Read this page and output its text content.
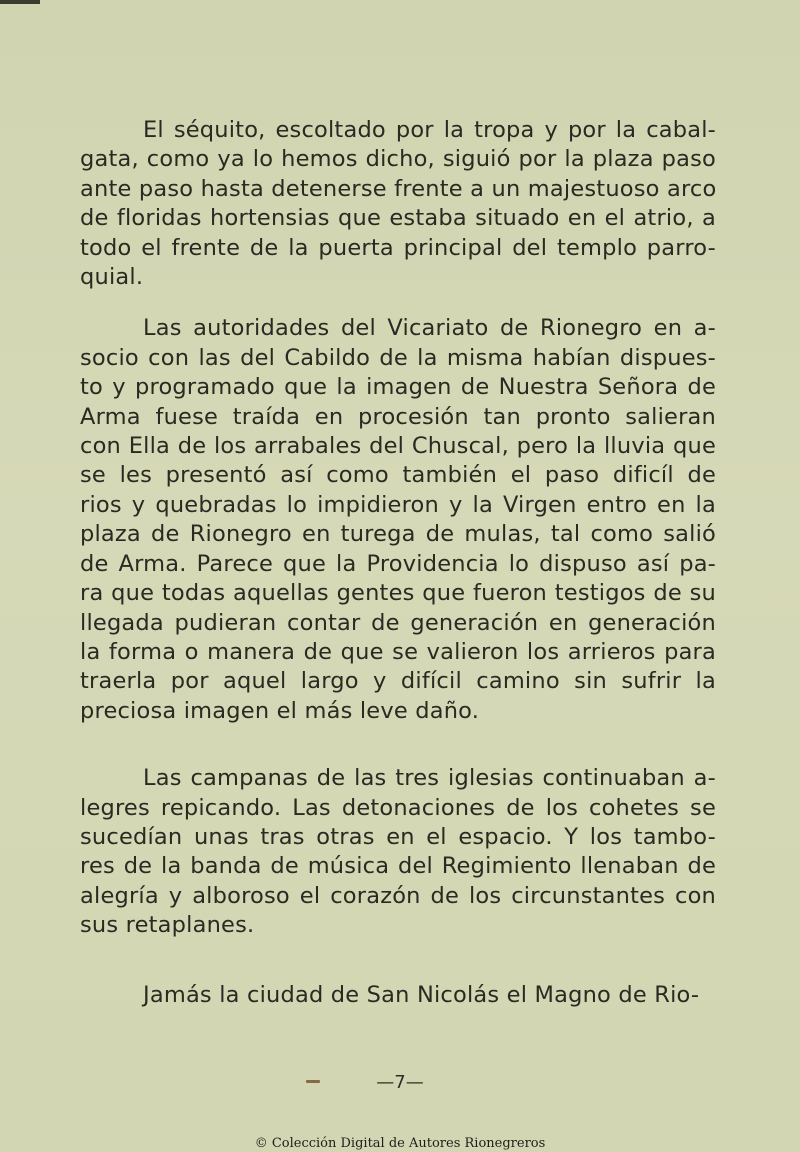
El séquito, escoltado por la tropa y por la cabal-
gata, como ya lo hemos dicho, siguió por la plaza paso
ante paso hasta detenerse frente a un majestuoso arco
de floridas hortensias que estaba situado en el atrio, a
todo el frente de la puerta principal del templo parro-
quial.

Las autoridades del Vicariato de Rionegro en a-
socio con las del Cabildo de la misma habían dispues-
to y programado que la imagen de Nuestra Señora de
Arma fuese traída en procesión tan pronto salieran
con Ella de los arrabales del Chuscal, pero la lluvia que
se les presentó así como también el paso dificíl de
rios y quebradas lo impidieron y la Virgen entro en la
plaza de Rionegro en turega de mulas, tal como salió
de Arma. Parece que la Providencia lo dispuso así pa-
ra que todas aquellas gentes que fueron testigos de su
llegada pudieran contar de generación en generación
la forma o manera de que se valieron los arrieros para
traerla por aquel largo y difícil camino sin sufrir la
preciosa imagen el más leve daño.

Las campanas de las tres iglesias continuaban a-
legres repicando. Las detonaciones de los cohetes se
sucedían unas tras otras en el espacio. Y los tambo-
res de la banda de música del Regimiento llenaban de
alegría y alboroso el corazón de los circunstantes con
sus retaplanes.

Jamás la ciudad de San Nicolás el Magno de Rio-

—7—
© Colección Digital de Autores Rionegreros
